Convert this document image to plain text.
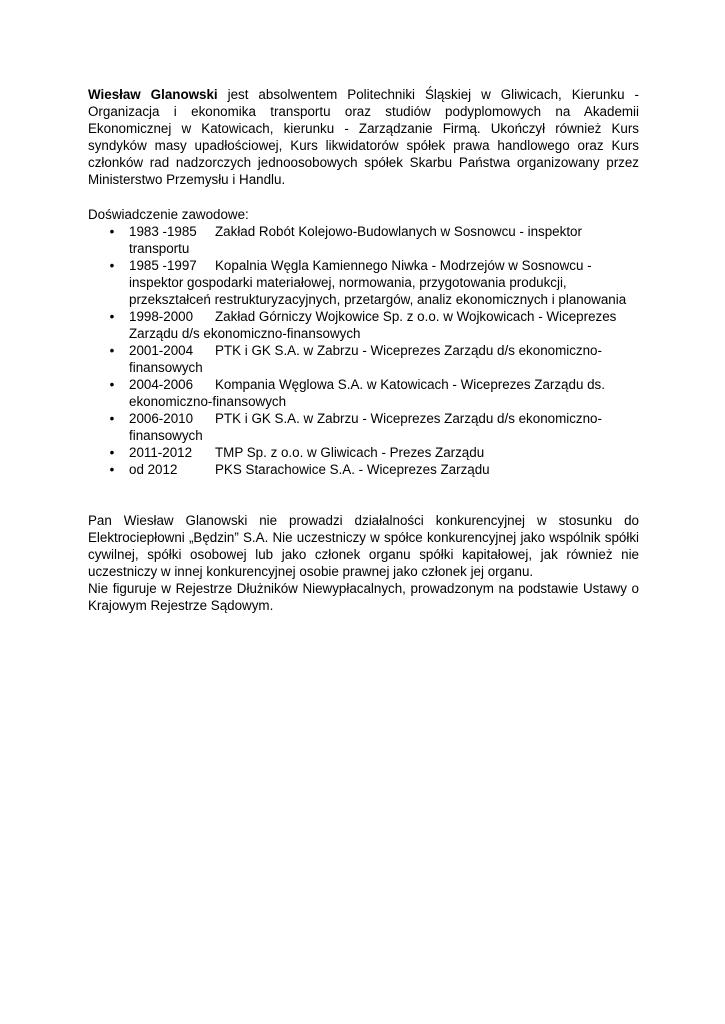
Wiesław Glanowski jest absolwentem Politechniki Śląskiej w Gliwicach, Kierunku - Organizacja i ekonomika transportu oraz studiów podyplomowych na Akademii Ekonomicznej w Katowicach, kierunku - Zarządzanie Firmą. Ukończył również Kurs syndyków masy upadłościowej, Kurs likwidatorów spółek prawa handlowego oraz Kurs członków rad nadzorczych jednoosobowych spółek Skarbu Państwa organizowany przez Ministerstwo Przemysłu i Handlu.

Doświadczenie zawodowe:

• 1983 -1985 Zakład Robót Kolejowo-Budowlanych w Sosnowcu - inspektor transportu
• 1985 -1997 Kopalnia Węgla Kamiennego Niwka - Modrzejów w Sosnowcu - inspektor gospodarki materiałowej, normowania, przygotowania produkcji, przekształceń restrukturyzacyjnych, przetargów, analiz ekonomicznych i planowania
• 1998-2000 Zakład Górniczy Wojkowice Sp. z o.o. w Wojkowicach - Wiceprezes Zarządu d/s ekonomiczno-finansowych
• 2001-2004 PTK i GK S.A. w Zabrzu - Wiceprezes Zarządu d/s ekonomiczno-finansowych
• 2004-2006 Kompania Węglowa S.A. w Katowicach - Wiceprezes Zarządu ds. ekonomiczno-finansowych
• 2006-2010 PTK i GK S.A. w Zabrzu - Wiceprezes Zarządu d/s ekonomiczno-finansowych
• 2011-2012 TMP Sp. z o.o. w Gliwicach - Prezes Zarządu
• od 2012	PKS Starachowice S.A. - Wiceprezes Zarządu

Pan Wiesław Glanowski nie prowadzi działalności konkurencyjnej w stosunku do Elektrociepłowni „Będzin” S.A. Nie uczestniczy w spółce konkurencyjnej jako wspólnik spółki cywilnej, spółki osobowej lub jako członek organu spółki kapitałowej, jak również nie uczestniczy w innej konkurencyjnej osobie prawnej jako członek jej organu.

Nie figuruje w Rejestrze Dłużników Niewypłacalnych, prowadzonym na podstawie Ustawy o Krajowym Rejestrze Sądowym.
